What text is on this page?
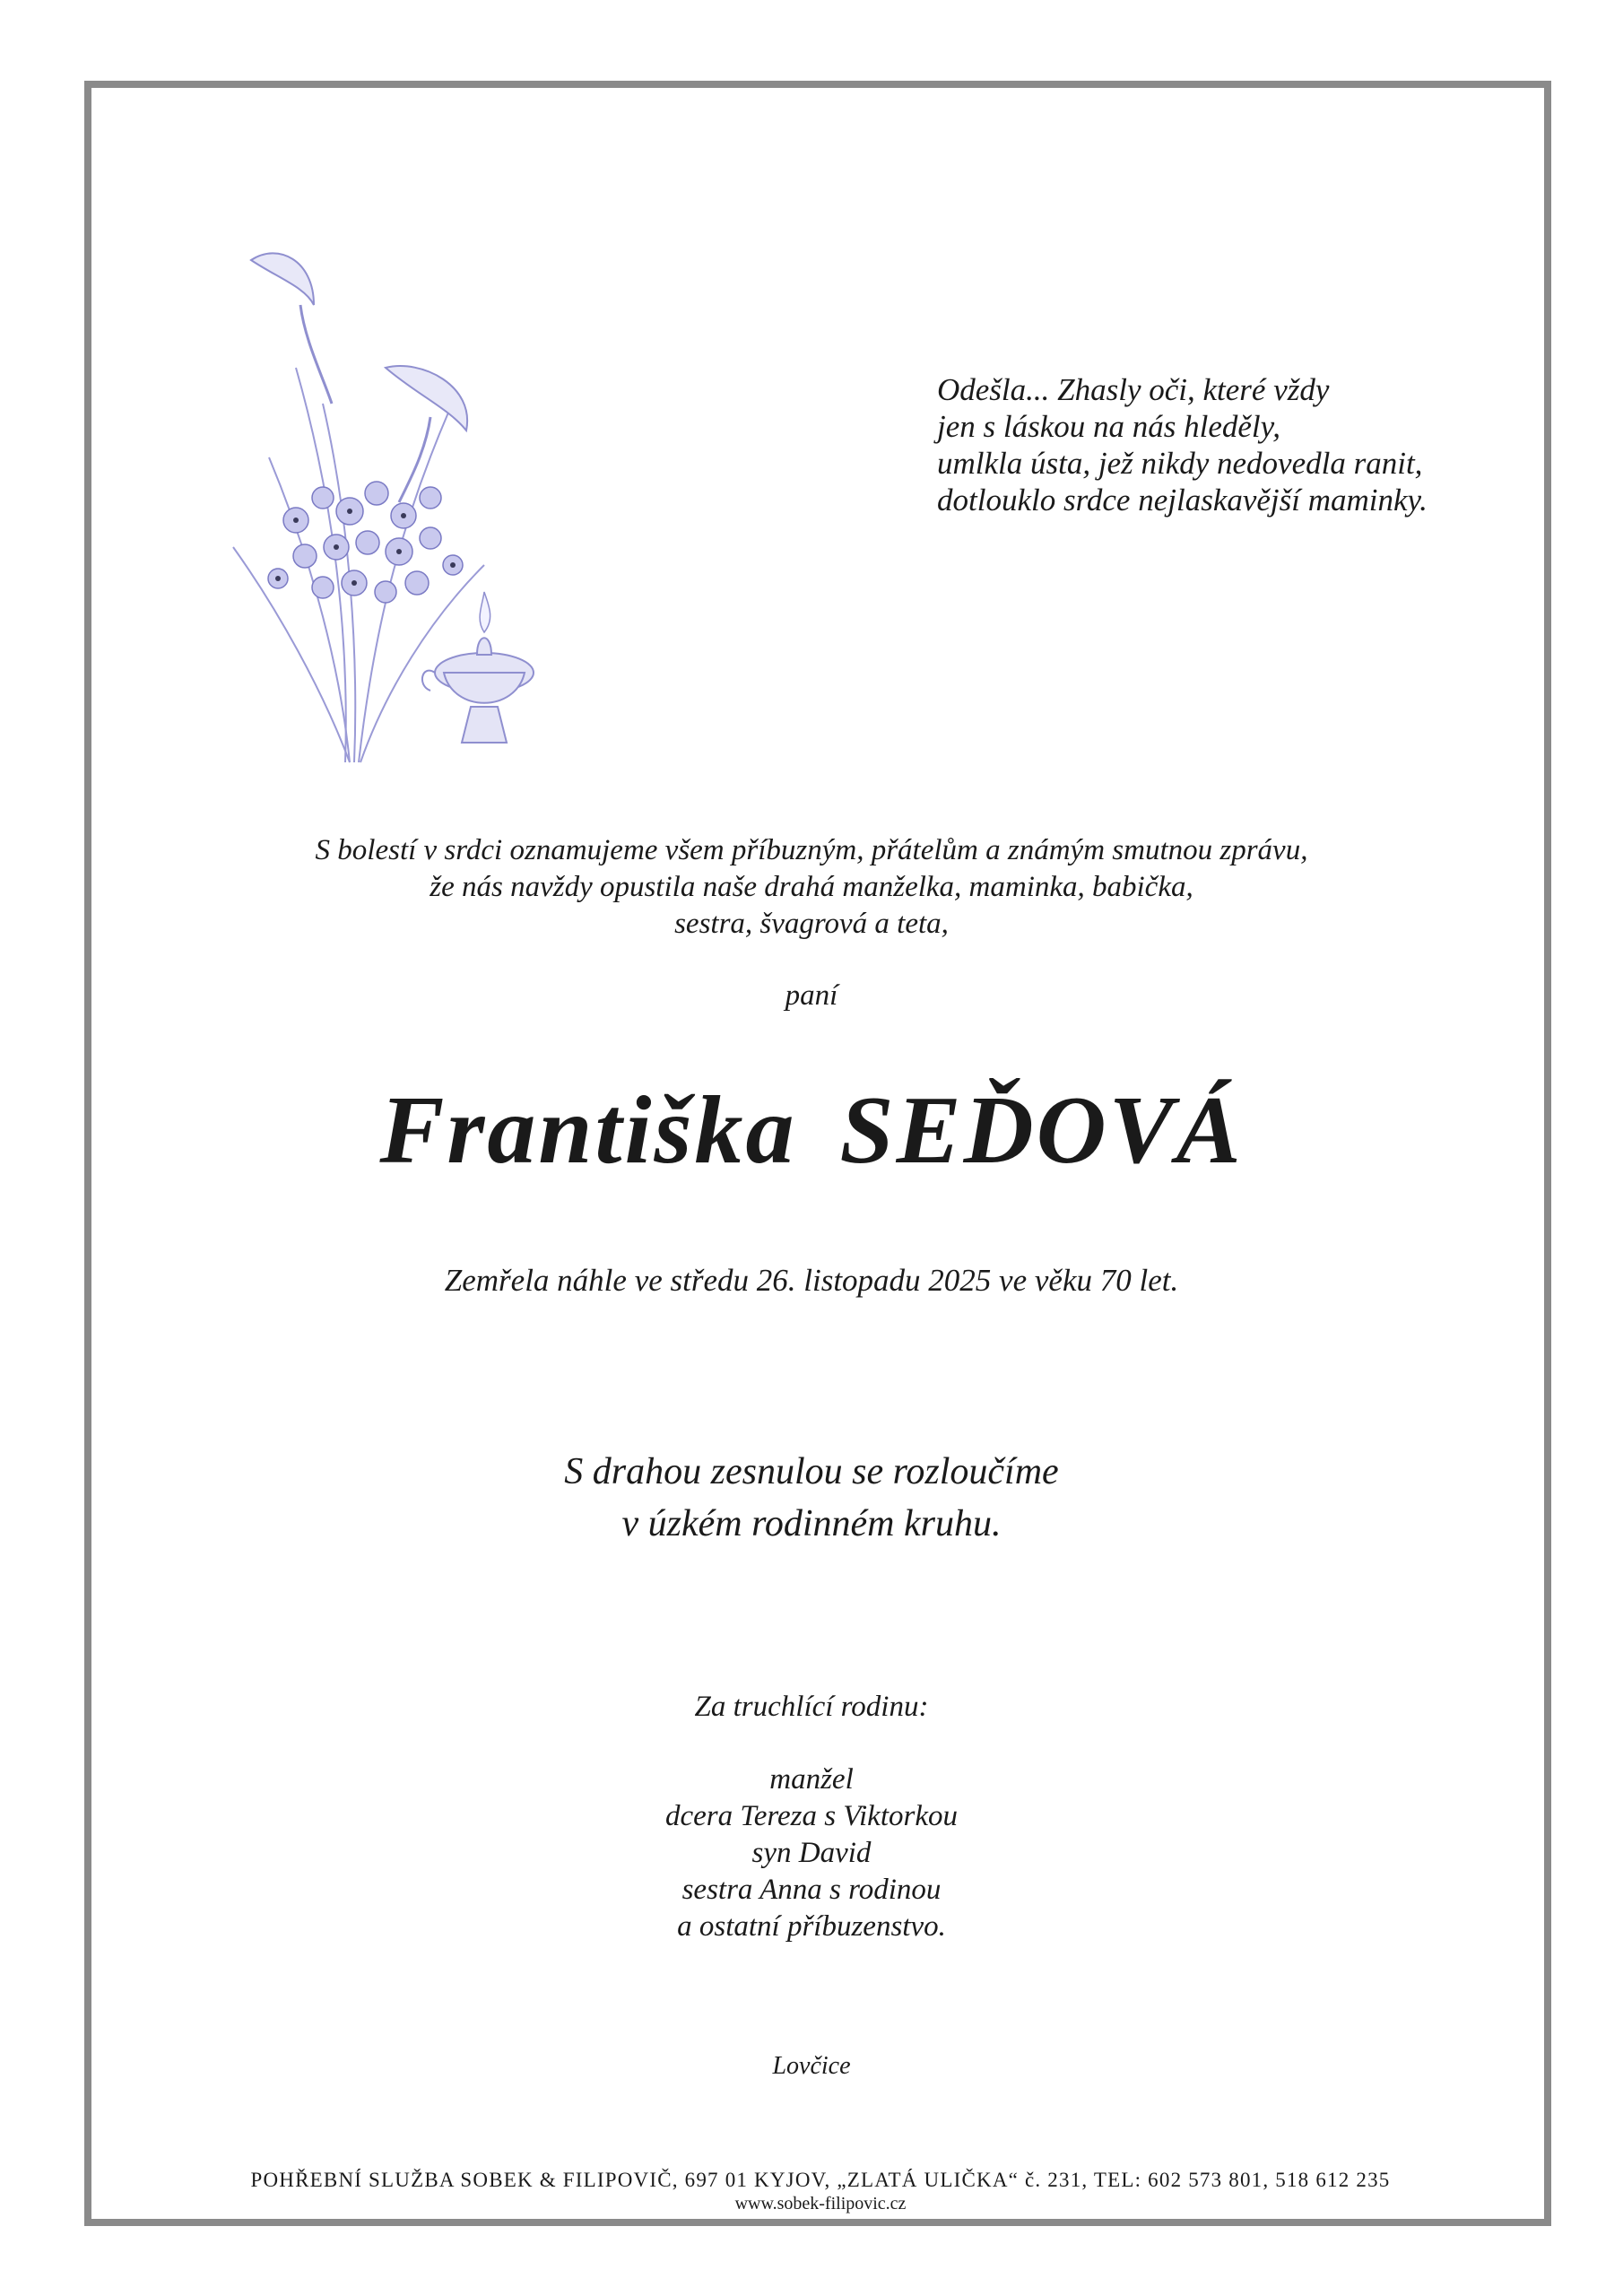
Odešla... Zhasly oči, které vždy
jen s láskou na nás hleděly,
umlkla ústa, jež nikdy nedovedla ranit,
dotlouklo srdce nejlaskavější maminky.
S bolestí v srdci oznamujeme všem příbuzným, přátelům a známým smutnou zprávu,
že nás navždy opustila naše drahá manželka, maminka, babička,
sestra, švagrová a teta,
paní
Františka SEĎOVÁ
Zemřela náhle ve středu 26. listopadu 2025 ve věku 70 let.
S drahou zesnulou se rozloučíme
v úzkém rodinném kruhu.
Za truchlící rodinu:
manžel
dcera Tereza s Viktorkou
syn David
sestra Anna s rodinou
a ostatní příbuzenstvo.
Lovčice
POHŘEBNÍ SLUŽBA SOBEK & FILIPOVIČ, 697 01 KYJOV, „ZLATÁ ULIČKA“ č. 231, TEL: 602 573 801, 518 612 235
www.sobek-filipovic.cz
